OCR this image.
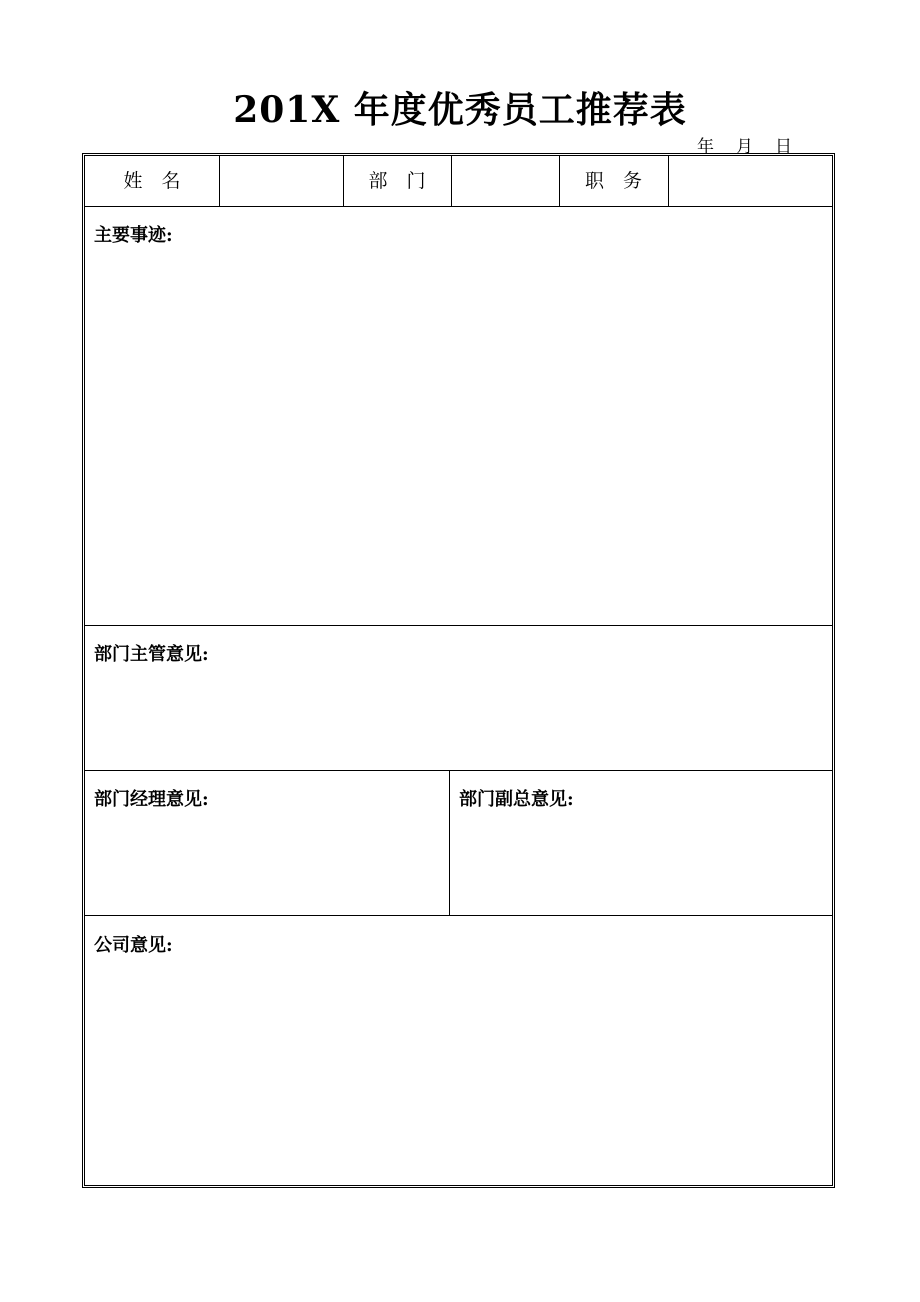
201X 年度优秀员工推荐表
年 月 日
姓　名	部　门	职　务
主要事迹:
部门主管意见:
部门经理意见:	部门副总意见:
公司意见:
